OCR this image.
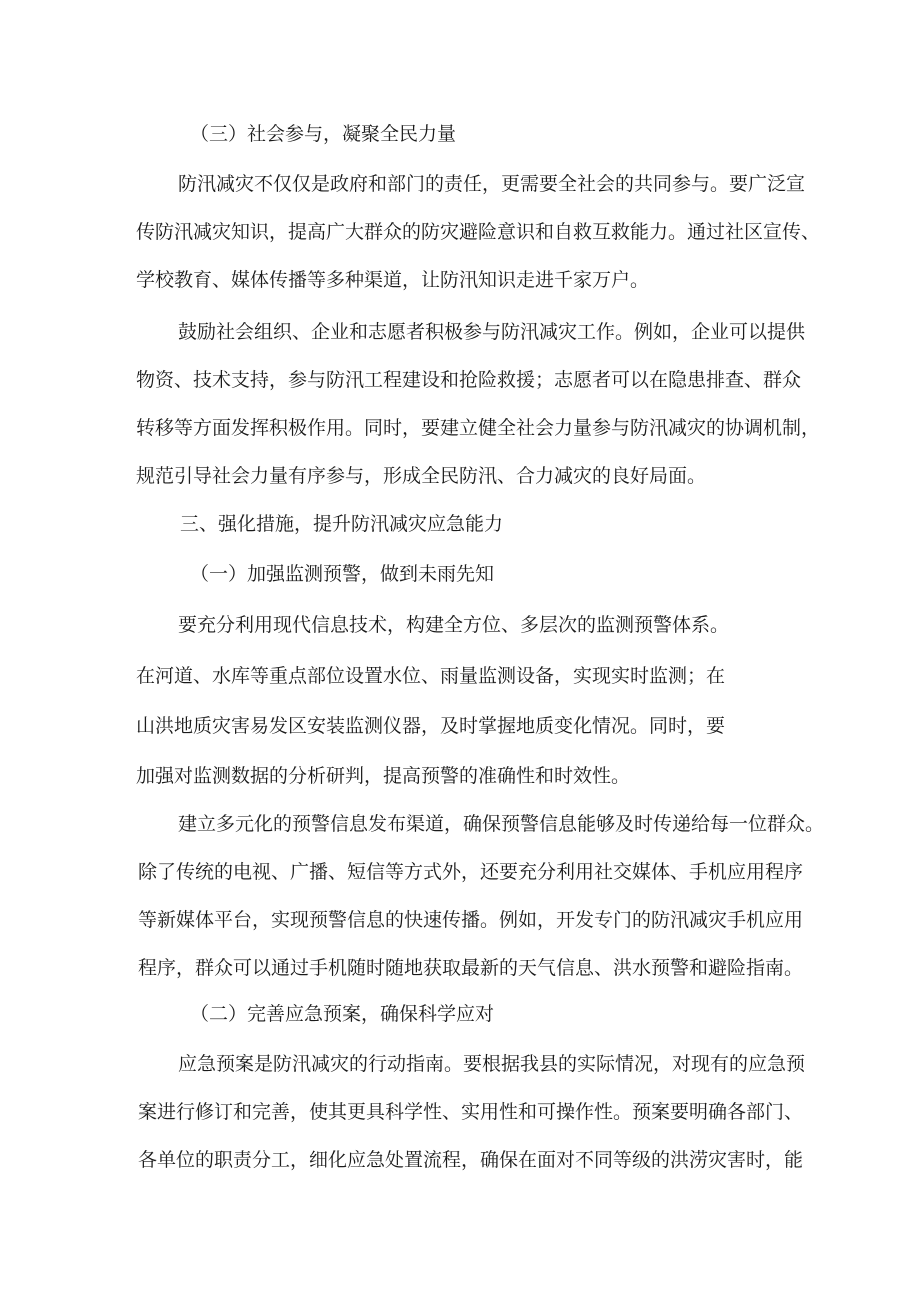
（三）社会参与，凝聚全民力量
防汛减灾不仅仅是政府和部门的责任，更需要全社会的共同参与。要广泛宣
传防汛减灾知识，提高广大群众的防灾避险意识和自救互救能力。通过社区宣传、
学校教育、媒体传播等多种渠道，让防汛知识走进千家万户。
鼓励社会组织、企业和志愿者积极参与防汛减灾工作。例如，企业可以提供
物资、技术支持，参与防汛工程建设和抢险救援；志愿者可以在隐患排查、群众
转移等方面发挥积极作用。同时，要建立健全社会力量参与防汛减灾的协调机制，
规范引导社会力量有序参与，形成全民防汛、合力减灾的良好局面。
三、强化措施，提升防汛减灾应急能力
（一）加强监测预警，做到未雨先知
要充分利用现代信息技术，构建全方位、多层次的监测预警体系。
在河道、水库等重点部位设置水位、雨量监测设备，实现实时监测；在
山洪地质灾害易发区安装监测仪器，及时掌握地质变化情况。同时，要
加强对监测数据的分析研判，提高预警的准确性和时效性。
建立多元化的预警信息发布渠道，确保预警信息能够及时传递给每一位群众。
除了传统的电视、广播、短信等方式外，还要充分利用社交媒体、手机应用程序
等新媒体平台，实现预警信息的快速传播。例如，开发专门的防汛减灾手机应用
程序，群众可以通过手机随时随地获取最新的天气信息、洪水预警和避险指南。
（二）完善应急预案，确保科学应对
应急预案是防汛减灾的行动指南。要根据我县的实际情况，对现有的应急预
案进行修订和完善，使其更具科学性、实用性和可操作性。预案要明确各部门、
各单位的职责分工，细化应急处置流程，确保在面对不同等级的洪涝灾害时，能
